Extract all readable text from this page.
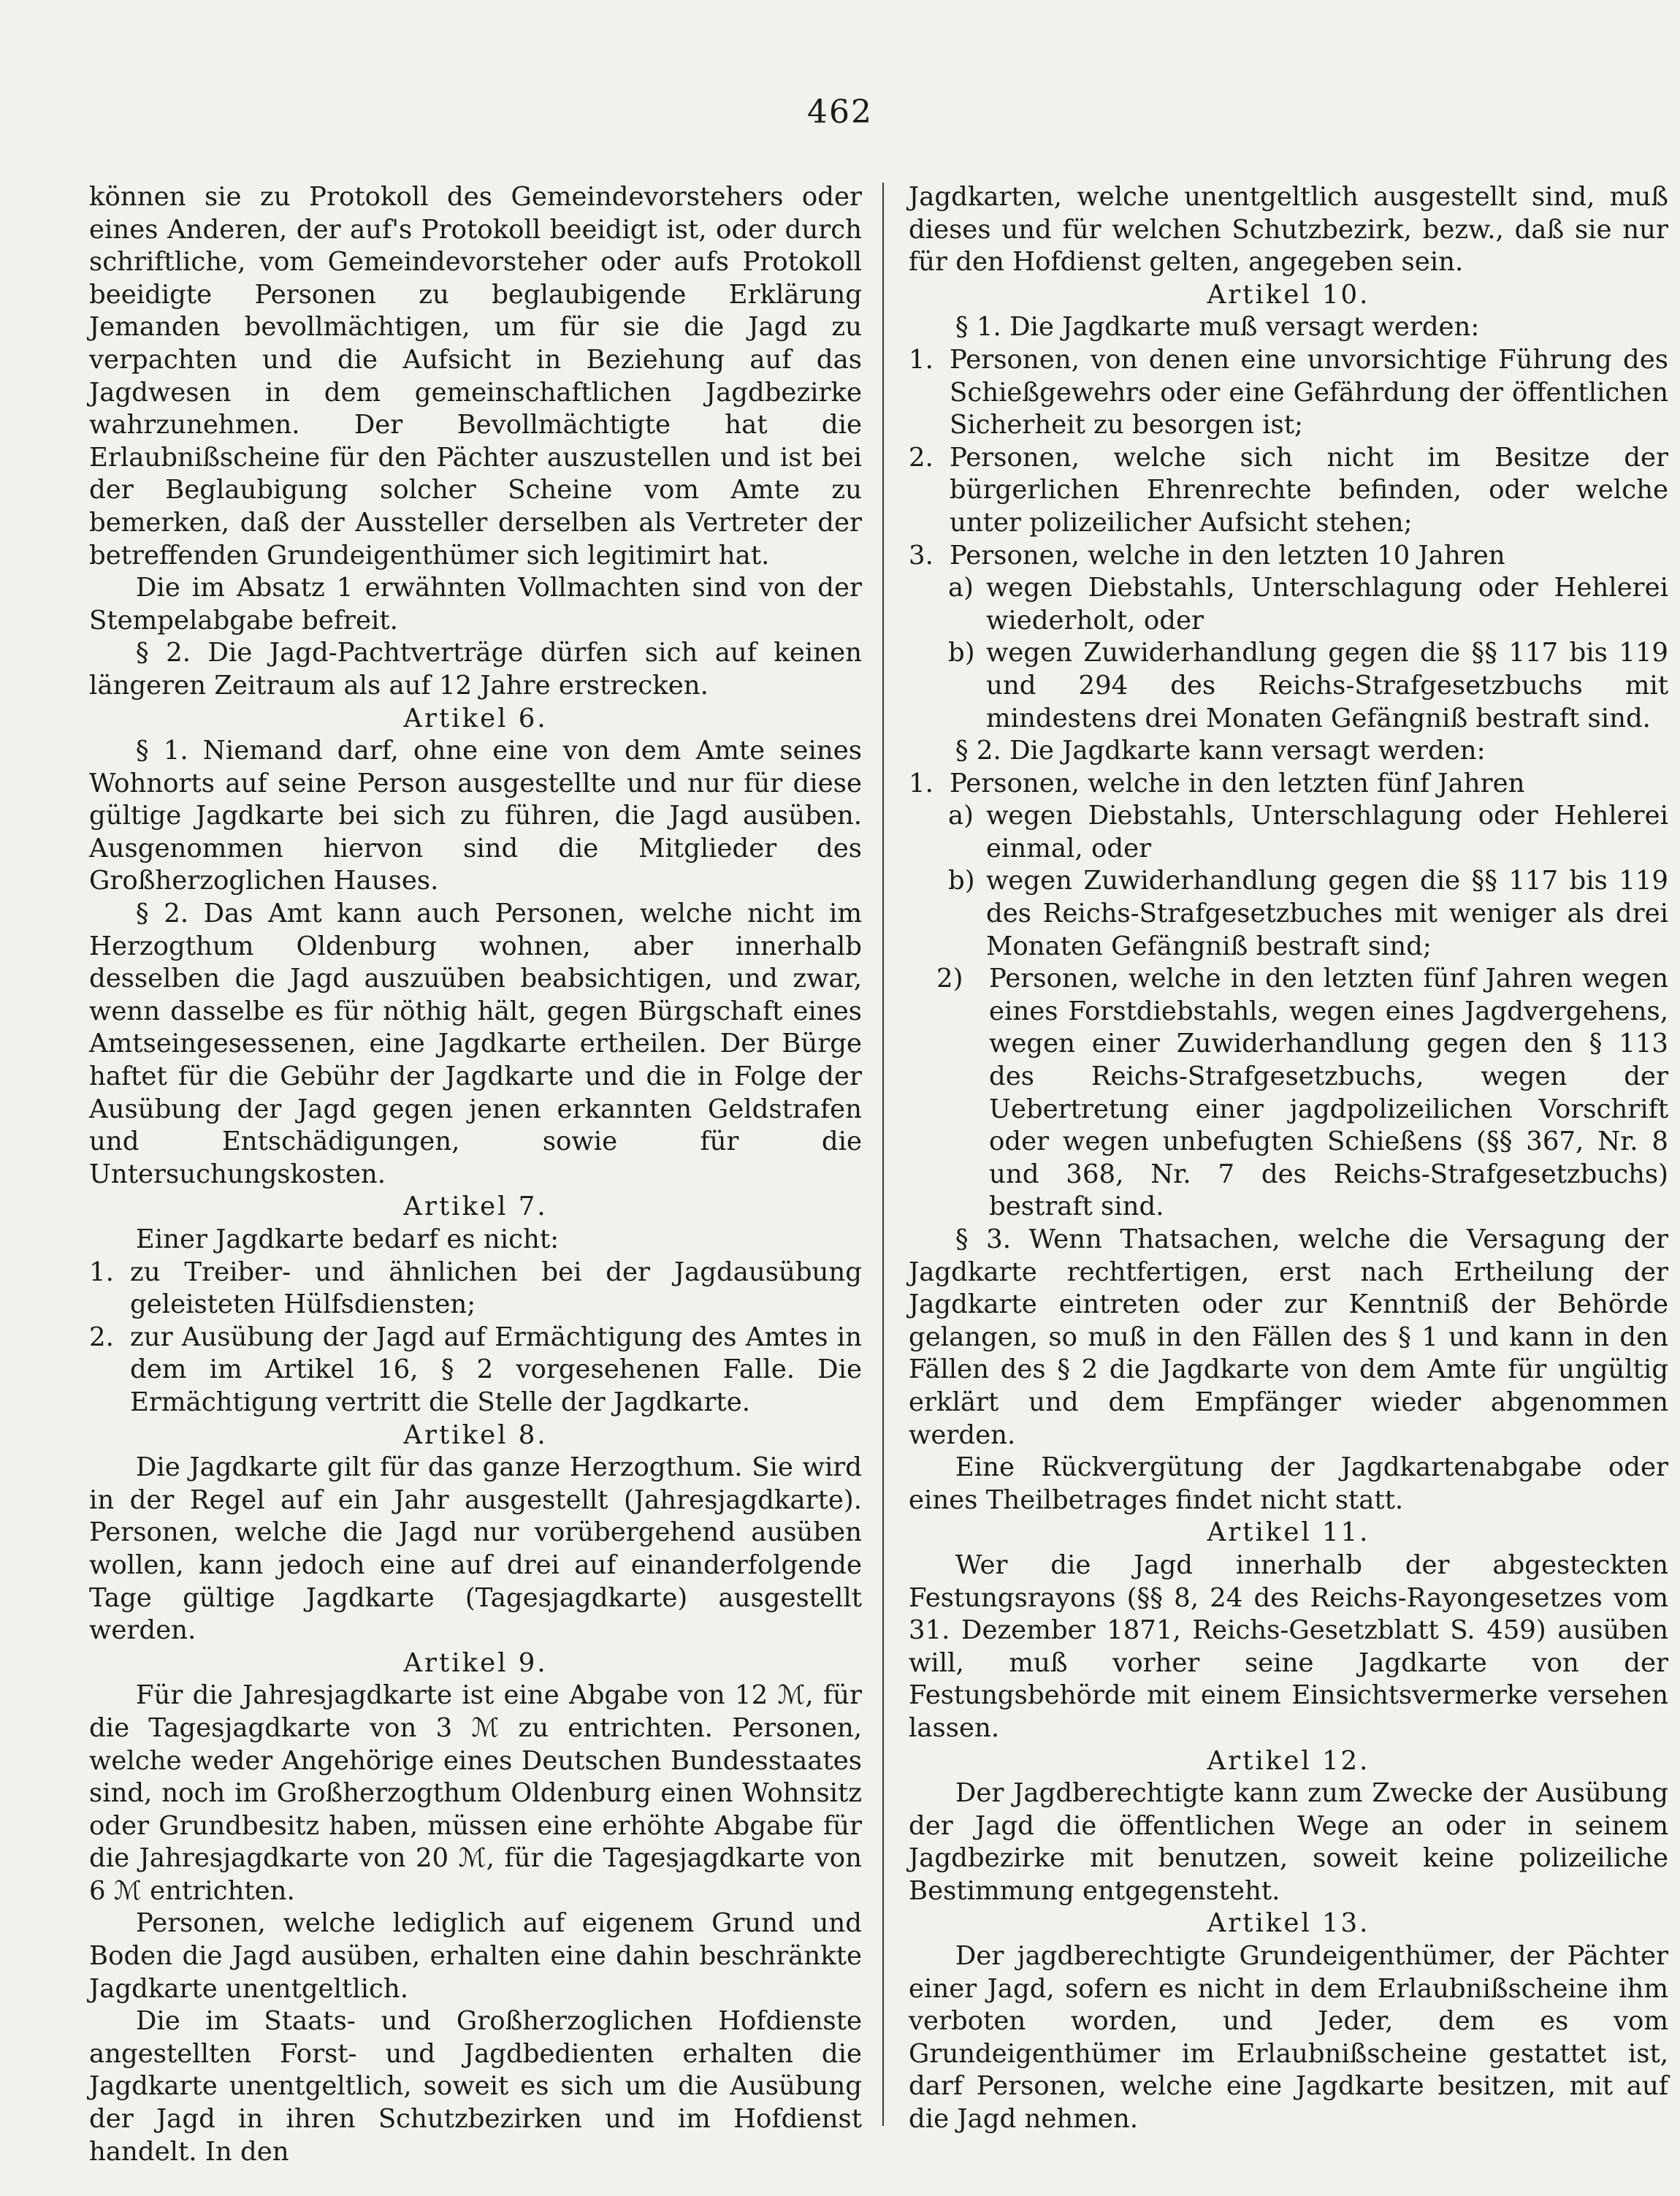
462

können sie zu Protokoll des Gemeindevorstehers oder eines Anderen, der auf's Protokoll beeidigt ist, oder durch schriftliche, vom Gemeindevorsteher oder aufs Protokoll beeidigte Personen zu beglaubigende Erklärung Jemanden bevollmächtigen, um für sie die Jagd zu verpachten und die Aufsicht in Beziehung auf das Jagdwesen in dem gemeinschaftlichen Jagdbezirke wahrzunehmen. Der Bevollmächtigte hat die Erlaubnißscheine für den Pächter auszustellen und ist bei der Beglaubigung solcher Scheine vom Amte zu bemerken, daß der Aussteller derselben als Vertreter der betreffenden Grundeigenthümer sich legitimirt hat.

Die im Absatz 1 erwähnten Vollmachten sind von der Stempelabgabe befreit.

§ 2. Die Jagd-Pachtverträge dürfen sich auf keinen längeren Zeitraum als auf 12 Jahre erstrecken.

Artikel 6.

§ 1. Niemand darf, ohne eine von dem Amte seines Wohnorts auf seine Person ausgestellte und nur für diese gültige Jagdkarte bei sich zu führen, die Jagd ausüben. Ausgenommen hiervon sind die Mitglieder des Großherzoglichen Hauses.

§ 2. Das Amt kann auch Personen, welche nicht im Herzogthum Oldenburg wohnen, aber innerhalb desselben die Jagd auszuüben beabsichtigen, und zwar, wenn dasselbe es für nöthig hält, gegen Bürgschaft eines Amtseingesessenen, eine Jagdkarte ertheilen. Der Bürge haftet für die Gebühr der Jagdkarte und die in Folge der Ausübung der Jagd gegen jenen erkannten Geldstrafen und Entschädigungen, sowie für die Untersuchungskosten.

Artikel 7.

Einer Jagdkarte bedarf es nicht:

1. zu Treiber- und ähnlichen bei der Jagdausübung geleisteten Hülfsdiensten;
2. zur Ausübung der Jagd auf Ermächtigung des Amtes in dem im Artikel 16, § 2 vorgesehenen Falle. Die Ermächtigung vertritt die Stelle der Jagdkarte.
Artikel 8.

Die Jagdkarte gilt für das ganze Herzogthum. Sie wird in der Regel auf ein Jahr ausgestellt (Jahresjagdkarte). Personen, welche die Jagd nur vorübergehend ausüben wollen, kann jedoch eine auf drei auf einanderfolgende Tage gültige Jagdkarte (Tagesjagdkarte) ausgestellt werden.

Artikel 9.

Für die Jahresjagdkarte ist eine Abgabe von 12 ℳ, für die Tagesjagdkarte von 3 ℳ zu entrichten. Personen, welche weder Angehörige eines Deutschen Bundesstaates sind, noch im Großherzogthum Oldenburg einen Wohnsitz oder Grundbesitz haben, müssen eine erhöhte Abgabe für die Jahresjagdkarte von 20 ℳ, für die Tagesjagdkarte von 6 ℳ entrichten.

Personen, welche lediglich auf eigenem Grund und Boden die Jagd ausüben, erhalten eine dahin beschränkte Jagdkarte unentgeltlich.

Die im Staats- und Großherzoglichen Hofdienste angestellten Forst- und Jagdbedienten erhalten die Jagdkarte unentgeltlich, soweit es sich um die Ausübung der Jagd in ihren Schutzbezirken und im Hofdienst handelt. In den

Jagdkarten, welche unentgeltlich ausgestellt sind, muß dieses und für welchen Schutzbezirk, bezw., daß sie nur für den Hofdienst gelten, angegeben sein.

Artikel 10.

§ 1. Die Jagdkarte muß versagt werden:

1. Personen, von denen eine unvorsichtige Führung des Schießgewehrs oder eine Gefährdung der öffentlichen Sicherheit zu besorgen ist;
2. Personen, welche sich nicht im Besitze der bürgerlichen Ehrenrechte befinden, oder welche unter polizeilicher Aufsicht stehen;
3. Personen, welche in den letzten 10 Jahren
a) wegen Diebstahls, Unterschlagung oder Hehlerei wiederholt, oder
b) wegen Zuwiderhandlung gegen die §§ 117 bis 119 und 294 des Reichs-Strafgesetzbuchs mit mindestens drei Monaten Gefängniß bestraft sind.

§ 2. Die Jagdkarte kann versagt werden:

1. Personen, welche in den letzten fünf Jahren
a) wegen Diebstahls, Unterschlagung oder Hehlerei einmal, oder
b) wegen Zuwiderhandlung gegen die §§ 117 bis 119 des Reichs-Strafgesetzbuches mit weniger als drei Monaten Gefängniß bestraft sind;
2) Personen, welche in den letzten fünf Jahren wegen eines Forstdiebstahls, wegen eines Jagdvergehens, wegen einer Zuwiderhandlung gegen den § 113 des Reichs-Strafgesetzbuchs, wegen der Uebertretung einer jagdpolizeilichen Vorschrift oder wegen unbefugten Schießens (§§ 367, Nr. 8 und 368, Nr. 7 des Reichs-Strafgesetzbuchs) bestraft sind.

§ 3. Wenn Thatsachen, welche die Versagung der Jagdkarte rechtfertigen, erst nach Ertheilung der Jagdkarte eintreten oder zur Kenntniß der Behörde gelangen, so muß in den Fällen des § 1 und kann in den Fällen des § 2 die Jagdkarte von dem Amte für ungültig erklärt und dem Empfänger wieder abgenommen werden.

Eine Rückvergütung der Jagdkartenabgabe oder eines Theilbetrages findet nicht statt.

Artikel 11.

Wer die Jagd innerhalb der abgesteckten Festungsrayons (§§ 8, 24 des Reichs-Rayongesetzes vom 31. Dezember 1871, Reichs-Gesetzblatt S. 459) ausüben will, muß vorher seine Jagdkarte von der Festungsbehörde mit einem Einsichtsvermerke versehen lassen.

Artikel 12.

Der Jagdberechtigte kann zum Zwecke der Ausübung der Jagd die öffentlichen Wege an oder in seinem Jagdbezirke mit benutzen, soweit keine polizeiliche Bestimmung entgegensteht.

Artikel 13.

Der jagdberechtigte Grundeigenthümer, der Pächter einer Jagd, sofern es nicht in dem Erlaubnißscheine ihm verboten worden, und Jeder, dem es vom Grundeigenthümer im Erlaubnißscheine gestattet ist, darf Personen, welche eine Jagdkarte besitzen, mit auf die Jagd nehmen.
